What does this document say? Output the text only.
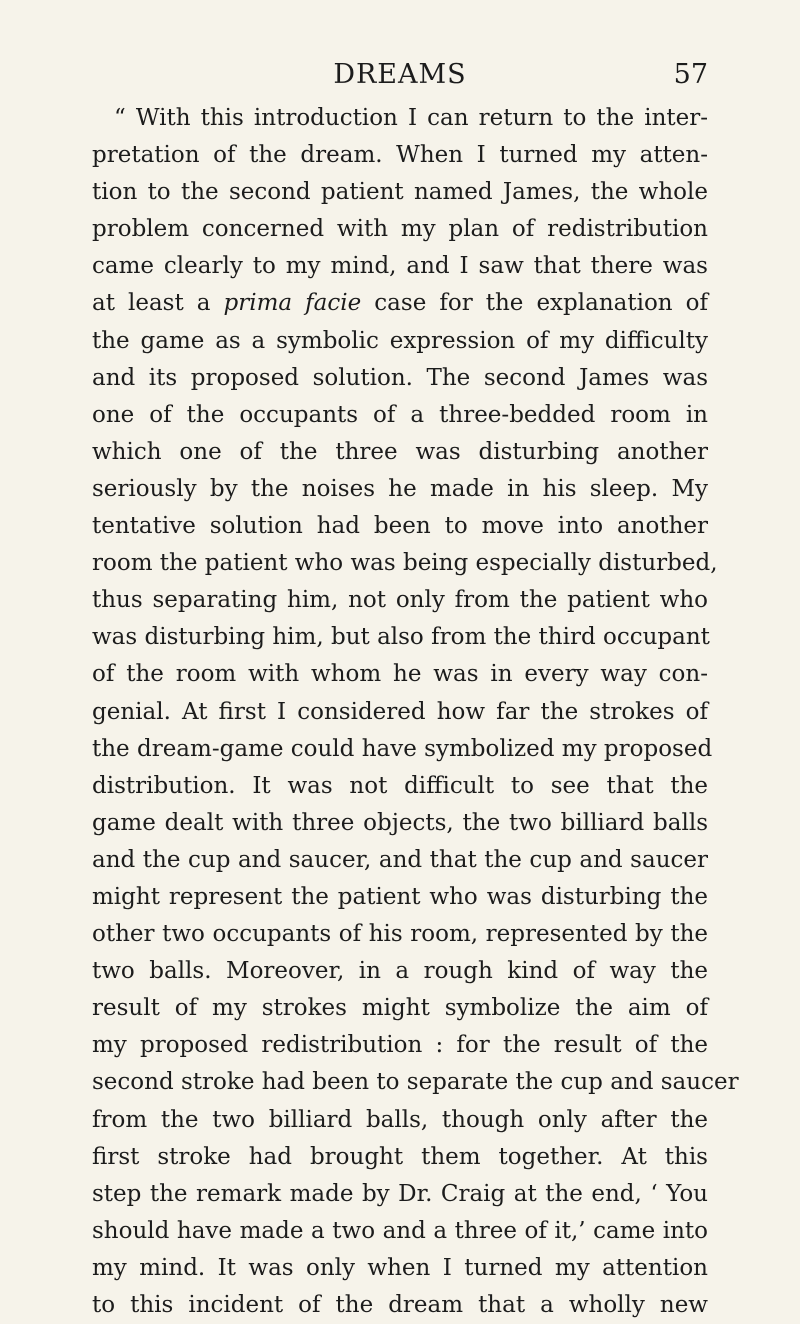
DREAMS	57
“ With this introduction I can return to the inter-
pretation of the dream. When I turned my atten-
tion to the second patient named James, the whole
problem concerned with my plan of redistribution
came clearly to my mind, and I saw that there was
at least a prima facie case for the explanation of
the game as a symbolic expression of my difficulty
and its proposed solution. The second James was
one of the occupants of a three-bedded room in
which one of the three was disturbing another
seriously by the noises he made in his sleep. My
tentative solution had been to move into another
room the patient who was being especially disturbed,
thus separating him, not only from the patient who
was disturbing him, but also from the third occupant
of the room with whom he was in every way con-
genial. At first I considered how far the strokes of
the dream-game could have symbolized my proposed
distribution. It was not difficult to see that the
game dealt with three objects, the two billiard balls
and the cup and saucer, and that the cup and saucer
might represent the patient who was disturbing the
other two occupants of his room, represented by the
two balls. Moreover, in a rough kind of way the
result of my strokes might symbolize the aim of
my proposed redistribution : for the result of the
second stroke had been to separate the cup and saucer
from the two billiard balls, though only after the
first stroke had brought them together. At this
step the remark made by Dr. Craig at the end, ‘ You
should have made a two and a three of it,’ came into
my mind. It was only when I turned my attention
to this incident of the dream that a wholly new
